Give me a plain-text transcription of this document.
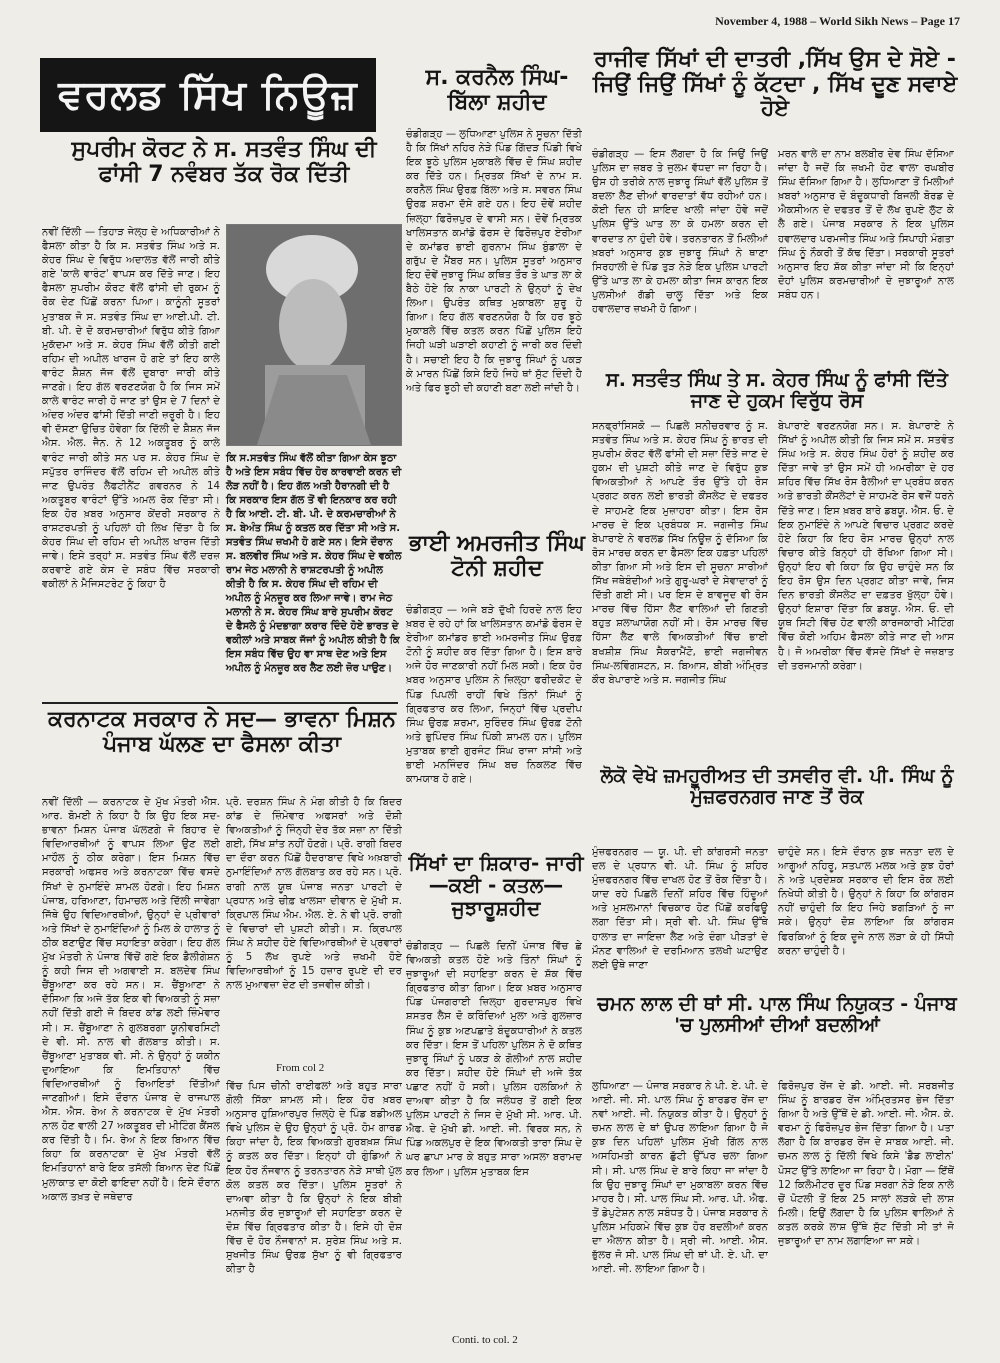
November 4, 1988 – World Sikh News – Page 17
ਵਰਲਡ ਸਿੱਖ ਨਿਊਜ਼
ਸੁਪਰੀਮ ਕੋਰਟ ਨੇ ਸ. ਸਤਵੰਤ ਸਿੰਘ ਦੀ ਫਾਂਸੀ 7 ਨਵੰਬਰ ਤੱਕ ਰੋਕ ਦਿੱਤੀ
ਨਵੀਂ ਦਿੱਲੀ — ਤਿਹਾੜ ਜੇਲ੍ਹ ਦੇ ਅਧਿਕਾਰੀਆਂ ਨੇ ਫੈਸਲਾ ਕੀਤਾ ਹੈ ਕਿ ਸ. ਸਤਵੰਤ ਸਿੰਘ ਅਤੇ ਸ. ਕੇਹਰ ਸਿੰਘ ਦੇ ਵਿਰੁੱਧ ਅਦਾਲਤ ਵੱਲੋਂ ਜਾਰੀ ਕੀਤੇ ਗਏ 'ਕਾਲੇ ਵਾਰੰਟ' ਵਾਪਸ ਕਰ ਦਿੱਤੇ ਜਾਣ। ਇਹ ਫੈਸਲਾ ਸੁਪਰੀਮ ਕੋਰਟ ਵੱਲੋਂ ਫਾਂਸੀ ਦੀ ਰੁਕਮ ਨੂੰ ਰੋਕ ਦੇਣ ਪਿੱਛੋਂ ਕਰਨਾ ਪਿਆ। ਕਾਨੂੰਨੀ ਸੂਤਰਾਂ ਮੁਤਾਬਕ ਜੋ ਸ. ਸਤਵੰਤ ਸਿੰਘ ਦਾ ਆਈ.ਪੀ. ਟੀ. ਬੀ. ਪੀ. ਦੇ ਦੋ ਕਰਮਚਾਰੀਆਂ ਵਿਰੁੱਧ ਕੀਤੇ ਗਿਆ ਮੁਕੱਦਮਾ ਅਤੇ ਸ. ਕੇਹਰ ਸਿੰਘ ਵੱਲੋਂ ਕੀਤੀ ਗਈ ਰਹਿਮ ਦੀ ਅਪੀਲ ਖਾਰਜ ਹੋ ਗਏ ਤਾਂ ਇਹ ਕਾਲੇ ਵਾਰੰਟ ਸ਼ੈਸ਼ਨ ਜੱਜ ਵੱਲੋਂ ਦੁਬਾਰਾ ਜਾਰੀ ਕੀਤੇ ਜਾਣਗੇ। ਇਹ ਗੱਲ ਵਰਣਣਯੋਗ ਹੈ ਕਿ ਜਿਸ ਸਮੇਂ ਕਾਲੇ ਵਾਰੰਟ ਜਾਰੀ ਹੋ ਜਾਣ ਤਾਂ ਉਸ ਦੇ 7 ਦਿਨਾਂ ਦੇ ਅੰਦਰ ਅੰਦਰ ਫਾਂਸੀ ਦਿੱਤੀ ਜਾਣੀ ਜ਼ਰੂਰੀ ਹੈ। ਇਹ ਵੀ ਦੱਸਣਾ ਉਚਿਤ ਹੋਵੇਗਾ ਕਿ ਦਿੱਲੀ ਦੇ ਸ਼ੈਸ਼ਨ ਜੱਜ ਐਸ. ਐਲ. ਜੈਨ. ਨੇ 12 ਅਕਤੂਬਰ ਨੂੰ ਕਾਲੇ ਵਾਰੰਟ ਜਾਰੀ ਕੀਤੇ ਸਨ ਪਰ ਸ. ਕੇਹਰ ਸਿੰਘ ਦੇ ਸਪੁੱਤਰ ਰਾਜਿੰਦਰ ਵੱਲੋਂ ਰਹਿਮ ਦੀ ਅਪੀਲ ਕੀਤੇ ਜਾਣ ਉਪਰੰਤ ਲੈਫਟੀਨੈਂਟ ਗਵਰਨਰ ਨੇ 14 ਅਕਤੂਬਰ ਵਾਰੰਟਾਂ ਉੱਤੇ ਅਮਲ ਰੋਕ ਦਿੱਤਾ ਸੀ। ਇਕ ਹੋਰ ਖ਼ਬਰ ਅਨੁਸਾਰ ਕੇਂਦਰੀ ਸਰਕਾਰ ਨੇ ਰਾਸ਼ਟਰਪਤੀ ਨੂੰ ਪਹਿਲਾਂ ਹੀ ਲਿਖ ਦਿੱਤਾ ਹੈ ਕਿ ਕੇਹਰ ਸਿੰਘ ਦੀ ਰਹਿਮ ਦੀ ਅਪੀਲ ਖਾਰਜ ਦਿੱਤੀ ਜਾਵੇ। ਇਸੇ ਤਰ੍ਹਾਂ ਸ. ਸਤਵੰਤ ਸਿੰਘ ਵੱਲੋਂ ਦਰਜ਼ ਕਰਵਾਏ ਗਏ ਕੇਸ ਦੇ ਸਬੰਧ ਵਿੱਚ ਸਰਕਾਰੀ ਵਕੀਲਾਂ ਨੇ ਮੈਜਿਸਟਰੇਟ ਨੂੰ ਕਿਹਾ ਹੈ
ਕਿ ਸ.ਸਤਵੰਤ ਸਿੰਘ ਵੱਲੋਂ ਕੀਤਾ ਗਿਆ ਕੇਸ ਝੂਠਾ ਹੈ ਅਤੇ ਇਸ ਸਬੰਧ ਵਿੱਚ ਹੋਰ ਕਾਰਵਾਈ ਕਰਨ ਦੀ ਲੋੜ ਨਹੀਂ ਹੈ। ਇਹ ਗੱਲ ਅਤੀ ਹੈਰਾਨਗੀ ਦੀ ਹੈ ਕਿ ਸਰਕਾਰ ਇਸ ਗੱਲ ਤੋਂ ਵੀ ਇਨਕਾਰ ਕਰ ਰਹੀ ਹੈ ਕਿ ਆਈ. ਟੀ. ਬੀ. ਪੀ. ਦੇ ਕਰਮਚਾਰੀਆਂ ਨੇ ਸ. ਬੇਅੰਤ ਸਿੰਘ ਨੂੰ ਕਤਲ ਕਰ ਦਿੱਤਾ ਸੀ ਅਤੇ ਸ. ਸਤਵੰਤ ਸਿੰਘ ਜ਼ਖਮੀ ਹੋ ਗਏ ਸਨ। ਇਸੇ ਦੌਰਾਨ ਸ. ਬਲਵੀਰ ਸਿੰਘ ਅਤੇ ਸ. ਕੇਹਰ ਸਿੰਘ ਦੇ ਵਕੀਲ ਰਾਮ ਜੇਠ ਮਲਾਨੀ ਨੇ ਰਾਸ਼ਟਰਪਤੀ ਨੂੰ ਅਪੀਲ ਕੀਤੀ ਹੈ ਕਿ ਸ. ਕੇਹਰ ਸਿੰਘ ਦੀ ਰਹਿਮ ਦੀ ਅਪੀਲ ਨੂੰ ਮੰਨਜ਼ੂਰ ਕਰ ਲਿਆ ਜਾਵੇ। ਰਾਮ ਜੇਠ ਮਲਾਨੀ ਨੇ ਸ. ਕੇਹਰ ਸਿੰਘ ਬਾਰੇ ਸੁਪਰੀਮ ਕੋਰਟ ਦੇ ਫੈਸਲੇ ਨੂੰ ਮੰਦਭਾਗਾ ਕਰਾਰ ਦਿੰਦੇ ਹੋਏ ਭਾਰਤ ਦੇ ਵਕੀਲਾਂ ਅਤੇ ਸਾਬਕ ਜੱਜਾਂ ਨੂੰ ਅਪੀਲ ਕੀਤੀ ਹੈ ਕਿ ਇਸ ਸਬੰਧ ਵਿੱਚ ਉਹ ਵਾ ਸਾਥ ਦੇਣ ਅਤੇ ਇਸ ਅਪੀਲ ਨੂੰ ਮੰਨਜ਼ੂਰ ਕਰ ਲੈਣ ਲਈ ਜ਼ੋਰ ਪਾਉਣ।
ਸ. ਕਰਨੈਲ ਸਿੰਘ- ਬਿੱਲਾ ਸ਼ਹੀਦ
ਚੰਡੀਗੜ੍ਹ — ਲੁਧਿਆਣਾ ਪੁਲਿਸ ਨੇ ਸੂਚਨਾ ਦਿੱਤੀ ਹੈ ਕਿ ਸਿੱਖਾਂ ਨਹਿਰ ਨੇੜੇ ਪਿੰਡ ਗਿੱਦੜ ਪਿੰਡੀ ਵਿਖੇ ਇਕ ਝੂਠੇ ਪੁਲਿਸ ਮੁਕਾਬਲੇ ਵਿੱਚ ਦੋ ਸਿੰਘ ਸ਼ਹੀਦ ਕਰ ਦਿੱਤੇ ਹਨ। ਮ੍ਰਿਤਕ ਸਿੱਖਾਂ ਦੇ ਨਾਮ ਸ. ਕਰਨੈਲ ਸਿੰਘ ਉਰਫ਼ ਬਿੱਲਾ ਅਤੇ ਸ. ਸਵਰਨ ਸਿੰਘ ਉਰਫ਼ ਸ਼ਰਮਾ ਦੱਸੇ ਗਏ ਹਨ। ਇਹ ਦੋਵੇਂ ਸ਼ਹੀਦ ਜ਼ਿਲ੍ਹਾ ਫਿਰੋਜ਼ਪੁਰ ਦੇ ਵਾਸੀ ਸਨ। ਦੋਵੇਂ ਮ੍ਰਿਤਕ ਖਾਲਿਸਤਾਨ ਕਮਾਂਡੋ ਫੋਰਸ ਦੇ ਫਿਰੋਜ਼ਪੁਰ ਏਰੀਆ ਦੇ ਕਮਾਂਡਰ ਭਾਈ ਗੁਰਨਾਮ ਸਿੰਘ ਬੁੰਡਾਲਾ ਦੇ ਗਰੁੱਪ ਦੇ ਮੈਂਬਰ ਸਨ। ਪੁਲਿਸ ਸੂਤਰਾਂ ਅਨੁਸਾਰ ਇਹ ਦੋਵੇਂ ਜੁਝਾਰੂ ਸਿੰਘ ਕਥਿਤ ਤੌਰ ਤੇ ਘਾਤ ਲਾ ਕੇ ਬੈਠੇ ਹੋਏ ਕਿ ਨਾਕਾ ਪਾਰਟੀ ਨੇ ਉਨ੍ਹਾਂ ਨੂੰ ਦੇਖ ਲਿਆ। ਉਪਰੰਤ ਕਥਿਤ ਮੁਕਾਬਲਾ ਸ਼ੁਰੂ ਹੋ ਗਿਆ। ਇਹ ਗੱਲ ਵਰਣਨਯੋਗ ਹੈ ਕਿ ਹਰ ਝੂਠੇ ਮੁਕਾਬਲੇ ਵਿੱਚ ਕਤਲ ਕਰਨ ਪਿੱਛੋਂ ਪੁਲਿਸ ਇਹੋ ਜਿਹੀ ਘੜੀ ਘੜਾਈ ਕਹਾਣੀ ਨੂੰ ਜਾਰੀ ਕਰ ਦਿੰਦੀ ਹੈ। ਸਚਾਈ ਇਹ ਹੈ ਕਿ ਜੁਝਾਰੂ ਸਿੰਘਾਂ ਨੂੰ ਪਕੜ ਕੇ ਮਾਰਨ ਪਿੱਛੋਂ ਕਿਸੇ ਇਹੋ ਜਿਹੇ ਥਾਂ ਸੁੱਟ ਦਿੰਦੀ ਹੈ ਅਤੇ ਫਿਰ ਝੂਠੀ ਦੀ ਕਹਾਣੀ ਬਣਾ ਲਈ ਜਾਂਦੀ ਹੈ।
ਰਾਜੀਵ ਸਿੱਖਾਂ ਦੀ ਦਾਤਰੀ ,ਸਿੱਖ ਉਸ ਦੇ ਸੋਏ - ਜਿਉਂ ਜਿਉਂ ਸਿੱਖਾਂ ਨੂੰ ਕੱਟਦਾ , ਸਿੱਖ ਦੂਣ ਸਵਾਏ ਹੋਏ
ਚੰਡੀਗੜ੍ਹ — ਇਸ ਲੱਗਦਾ ਹੈ ਕਿ ਜਿਉਂ ਜਿਉਂ ਪੁਲਿਸ ਦਾ ਜ਼ਬਰ ਤੇ ਜੁਲਮ ਵੱਧਦਾ ਜਾ ਰਿਹਾ ਹੈ। ਉਸ ਹੀ ਤਰੀਕੇ ਨਾਲ ਜੁਝਾਰੂ ਸਿੰਘਾਂ ਵੱਲੋਂ ਪੁਲਿਸ ਤੋਂ ਬਦਲਾ ਲੈਣ ਦੀਆਂ ਵਾਰਦਾਤਾਂ ਵੱਧ ਰਹੀਆਂ ਹਨ। ਕੋਈ ਦਿਨ ਹੀ ਸ਼ਾਇਦ ਖਾਲੀ ਜਾਂਦਾ ਹੋਵੇ ਜਦੋਂ ਪੁਲਿਸ ਉੱਤੇ ਘਾਤ ਲਾ ਕੇ ਹਮਲਾ ਕਰਨ ਦੀ ਵਾਰਦਾਤ ਨਾ ਹੁੰਦੀ ਹੋਵੇ। ਤਰਨਤਾਰਨ ਤੋਂ ਮਿਲੀਆਂ ਖ਼ਬਰਾਂ ਅਨੁਸਾਰ ਕੁਝ ਜੁਝਾਰੂ ਸਿੰਘਾਂ ਨੇ ਥਾਣਾ ਸਿਰਹਾਲੀ ਦੇ ਪਿੰਡ ਤੁੜ ਨੇੜੇ ਇਕ ਪੁਲਿਸ ਪਾਰਟੀ ਉੱਤੇ ਘਾਤ ਲਾ ਕੇ ਹਮਲਾ ਕੀਤਾ ਜਿਸ ਕਾਰਨ ਇਕ ਪੁਲਸੀਆਂ ਗੱਡੀ ਚਾਲੂ ਦਿੱਤਾ ਅਤੇ ਇਕ ਹਵਾਲਦਾਰ ਜ਼ਖਮੀ ਹੋ ਗਿਆ।
ਮਰਨ ਵਾਲੇ ਦਾ ਨਾਮ ਬਲਬੀਰ ਦੇਵ ਸਿੰਘ ਦੱਸਿਆ ਜਾਂਦਾ ਹੈ ਜਦੋਂ ਕਿ ਜ਼ਖਮੀ ਹੋਣ ਵਾਲਾ ਰਘਬੀਰ ਸਿੰਘ ਦੱਸਿਆ ਗਿਆ ਹੈ। ਲੁਧਿਆਣਾ ਤੋਂ ਮਿਲੀਆਂ ਖ਼ਬਰਾਂ ਅਨੁਸਾਰ ਦੋ ਬੰਦੂਕਧਾਰੀ ਬਿਜਲੀ ਬੋਰਡ ਦੇ ਐਕਸੀਅਨ ਦੇ ਦਫਤਰ ਤੋਂ ਦੋ ਲੱਖ ਰੁਪਏ ਲੁੱਟ ਕੇ ਲੈ ਗਏ। ਪੰਜਾਬ ਸਰਕਾਰ ਨੇ ਇਕ ਪੁਲਿਸ ਹਵਾਲਦਾਰ ਪਰਮਜੀਤ ਸਿੰਘ ਅਤੇ ਸਿਪਾਹੀ ਮੰਗਤਾ ਸਿੰਘ ਨੂੰ ਨੌਕਰੀ ਤੋਂ ਕੱਢ ਦਿੱਤਾ। ਸਰਕਾਰੀ ਸੂਤਰਾਂ ਅਨੁਸਾਰ ਇਹ ਸ਼ੱਕ ਕੀਤਾ ਜਾਂਦਾ ਸੀ ਕਿ ਇਨ੍ਹਾਂ ਦੋਹਾਂ ਪੁਲਿਸ ਕਰਮਚਾਰੀਆਂ ਦੇ ਜੁਝਾਰੂਆਂ ਨਾਲ ਸਬੰਧ ਹਨ।
ਸ. ਸਤਵੰਤ ਸਿੰਘ ਤੇ ਸ. ਕੇਹਰ ਸਿੰਘ ਨੂੰ ਫਾਂਸੀ ਦਿੱਤੇ ਜਾਣ ਦੇ ਹੁਕਮ ਵਿਰੁੱਧ ਰੋਸ
ਸਨਫ੍ਰਾਂਸਿਸਕੋ — ਪਿਛਲੇ ਸਨੀਚਰਵਾਰ ਨੂੰ ਸ. ਸਤਵੰਤ ਸਿੰਘ ਅਤੇ ਸ. ਕੇਹਰ ਸਿੰਘ ਨੂੰ ਭਾਰਤ ਦੀ ਸੁਪਰੀਮ ਕੋਰਟ ਵੱਲੋਂ ਫਾਂਸੀ ਦੀ ਸਜ਼ਾ ਦਿੱਤੇ ਜਾਣ ਦੇ ਹੁਕਮ ਦੀ ਪੁਸ਼ਟੀ ਕੀਤੇ ਜਾਣ ਦੇ ਵਿਰੁੱਧ ਕੁਝ ਵਿਅਕਤੀਆਂ ਨੇ ਆਪਣੇ ਤੌਰ ਉੱਤੇ ਹੀ ਰੋਸ ਪ੍ਰਗਟ ਕਰਨ ਲਈ ਭਾਰਤੀ ਕੌਂਸਲੇਟ ਦੇ ਦਫਤਰ ਦੇ ਸਾਹਮਣੇ ਇਕ ਮੁਜ਼ਾਹਰਾ ਕੀਤਾ। ਇਸ ਰੋਸ ਮਾਰਚ ਦੇ ਇਕ ਪ੍ਰਬੰਧਕ ਸ. ਜਗਜੀਤ ਸਿੰਘ ਬੇਪਾਰਾਏ ਨੇ ਵਰਲਡ ਸਿੱਖ ਨਿਊਜ਼ ਨੂੰ ਦੱਸਿਆ ਕਿ ਰੋਸ ਮਾਰਚ ਕਰਨ ਦਾ ਫੈਸਲਾ ਇਕ ਹਫ਼ਤਾ ਪਹਿਲਾਂ ਕੀਤਾ ਗਿਆ ਸੀ ਅਤੇ ਇਸ ਦੀ ਸੂਚਨਾ ਸਾਰੀਆਂ ਸਿੱਖ ਜਥੇਬੰਦੀਆਂ ਅਤੇ ਗੁਰੂ-ਘਰਾਂ ਦੇ ਸੇਵਾਦਾਰਾਂ ਨੂੰ ਦਿੱਤੀ ਗਈ ਸੀ। ਪਰ ਇਸ ਦੇ ਬਾਵਜੂਦ ਵੀ ਰੋਸ ਮਾਰਚ ਵਿੱਚ ਹਿੱਸਾ ਲੈਣ ਵਾਲਿਆਂ ਦੀ ਗਿਣਤੀ ਬਹੁਤ ਸ਼ਲਾਘਾਯੋਗ ਨਹੀਂ ਸੀ। ਰੋਸ ਮਾਰਚ ਵਿੱਚ ਹਿੱਸਾ ਲੈਣ ਵਾਲੇ ਵਿਅਕਤੀਆਂ ਵਿੱਚ ਭਾਈ ਬਖਸ਼ੀਸ਼ ਸਿੰਘ ਸੈਕਰਾਮੈਂਟੋ, ਭਾਈ ਜਗਜੀਵਨ ਸਿੰਘ-ਲਵਿੰਗਸਟਨ, ਸ. ਬਿਆਸ, ਬੀਬੀ ਅੰਮ੍ਰਿਤ ਕੌਰ ਬੇਪਾਰਾਏ ਅਤੇ ਸ. ਜਗਜੀਤ ਸਿੰਘ
ਬੇਪਾਰਾਏ ਵਰਣਨਯੋਗ ਸਨ। ਸ. ਬੇਪਾਰਾਏ ਨੇ ਸਿੱਖਾਂ ਨੂੰ ਅਪੀਲ ਕੀਤੀ ਕਿ ਜਿਸ ਸਮੇਂ ਸ. ਸਤਵੰਤ ਸਿੰਘ ਅਤੇ ਸ. ਕੇਹਰ ਸਿੰਘ ਹੋਰਾਂ ਨੂੰ ਸ਼ਹੀਦ ਕਰ ਦਿੱਤਾ ਜਾਵੇ ਤਾਂ ਉਸ ਸਮੇਂ ਹੀ ਅਮਰੀਕਾ ਦੇ ਹਰ ਸ਼ਹਿਰ ਵਿੱਚ ਸਿੱਖ ਰੋਸ ਰੈਲੀਆਂ ਦਾ ਪ੍ਰਬੰਧ ਕਰਨ ਅਤੇ ਭਾਰਤੀ ਕੌਂਸਲੇਟਾਂ ਦੇ ਸਾਹਮਣੇ ਰੋਸ ਵਜੋਂ ਧਰਨੇ ਦਿੱਤੇ ਜਾਣ। ਇਸ ਖ਼ਬਰ ਬਾਰੇ ਡਬਯੂ. ਐਸ. ਓ. ਦੇ ਇਕ ਨੁਮਾਇੰਦੇ ਨੇ ਆਪਣੇ ਵਿਚਾਰ ਪ੍ਰਗਟ ਕਰਦੇ ਹੋਏ ਕਿਹਾ ਕਿ ਇਹ ਰੋਸ ਮਾਰਚ ਉਨ੍ਹਾਂ ਨਾਲ ਵਿਚਾਰ ਕੀਤੇ ਬਿਨ੍ਹਾਂ ਹੀ ਰੱਖਿਆ ਗਿਆ ਸੀ। ਉਨ੍ਹਾਂ ਇਹ ਵੀ ਕਿਹਾ ਕਿ ਉਹ ਚਾਹੁੰਦੇ ਸਨ ਕਿ ਇਹ ਰੋਸ ਉਸ ਦਿਨ ਪ੍ਰਗਟ ਕੀਤਾ ਜਾਵੇ, ਜਿਸ ਦਿਨ ਭਾਰਤੀ ਕੌਂਸਲੇਟ ਦਾ ਦਫ਼ਤਰ ਖੁੱਲ੍ਹਾ ਹੋਵੇ। ਉਨ੍ਹਾਂ ਇਸ਼ਾਰਾ ਦਿੱਤਾ ਕਿ ਡਬਯੂ. ਐਸ. ਓ. ਦੀ ਯੂਥ ਸਿਟੀ ਵਿੱਚ ਹੋਣ ਵਾਲੀ ਕਾਰਜਕਾਰੀ ਮੀਟਿੰਗ ਵਿੱਚ ਕੋਈ ਅਹਿਮ ਫੈਸਲਾ ਕੀਤੇ ਜਾਣ ਦੀ ਆਸ ਹੈ। ਜੋ ਅਮਰੀਕਾ ਵਿੱਚ ਵੱਸਦੇ ਸਿੱਖਾਂ ਦੇ ਜਜ਼ਬਾਤ ਦੀ ਤਰਜਮਾਨੀ ਕਰੇਗਾ।
ਭਾਈ ਅਮਰਜੀਤ ਸਿੰਘ ਟੋਨੀ ਸ਼ਹੀਦ
ਚੰਡੀਗੜ੍ਹ — ਅਜੇ ਬੜੇ ਦੁੱਖੀ ਹਿਰਦੇ ਨਾਲ ਇਹ ਖ਼ਬਰ ਦੇ ਰਹੇ ਹਾਂ ਕਿ ਖਾਲਿਸਤਾਨ ਕਮਾਂਡੋ ਫੋਰਸ ਦੇ ਏਰੀਆ ਕਮਾਂਡਰ ਭਾਈ ਅਮਰਜੀਤ ਸਿੰਘ ਉਰਫ਼ ਟੋਨੀ ਨੂੰ ਸ਼ਹੀਦ ਕਰ ਦਿੱਤਾ ਗਿਆ ਹੈ। ਇਸ ਬਾਰੇ ਅਜੇ ਹੋਰ ਜਾਣਕਾਰੀ ਨਹੀਂ ਮਿਲ ਸਕੀ। ਇਕ ਹੋਰ ਖ਼ਬਰ ਅਨੁਸਾਰ ਪੁਲਿਸ ਨੇ ਜ਼ਿਲ੍ਹਾ ਫਰੀਦਕੋਟ ਦੇ ਪਿੰਡ ਪਿਪਲੀ ਰਾਹੀਂ ਵਿਖੇ ਤਿੰਨਾਂ ਸਿੰਘਾਂ ਨੂੰ ਗ੍ਰਿਫਤਾਰ ਕਰ ਲਿਆ, ਜਿਨ੍ਹਾਂ ਵਿੱਚ ਪ੍ਰਦੀਪ ਸਿੰਘ ਉਰਫ਼ ਸ਼ਰਮਾ, ਸੁਰਿੰਦਰ ਸਿੰਘ ਉਰਫ਼ ਟੋਨੀ ਅਤੇ ਭੁਪਿੰਦਰ ਸਿੰਘ ਪਿੰਕੀ ਸ਼ਾਮਲ ਹਨ। ਪੁਲਿਸ ਮੁਤਾਬਕ ਭਾਈ ਗੁਰਜੰਟ ਸਿੰਘ ਰਾਜਾ ਸਾਂਸੀ ਅਤੇ ਭਾਈ ਮਨਜਿੰਦਰ ਸਿੰਘ ਬਚ ਨਿਕਲਣ ਵਿੱਚ ਕਾਮਯਾਬ ਹੋ ਗਏ।
ਕਰਨਾਟਕ ਸਰਕਾਰ ਨੇ ਸਦ— ਭਾਵਨਾ ਮਿਸ਼ਨ ਪੰਜਾਬ ਘੱਲਣ ਦਾ ਫੈਸਲਾ ਕੀਤਾ
ਨਵੀਂ ਦਿੱਲੀ — ਕਰਨਾਟਕ ਦੇ ਮੁੱਖ ਮੰਤਰੀ ਐਸ. ਆਰ. ਬੋਮਈ ਨੇ ਕਿਹਾ ਹੈ ਕਿ ਉਹ ਇਕ ਸਦ-ਭਾਵਨਾ ਮਿਸ਼ਨ ਪੰਜਾਬ ਘੱਲਣਗੇ ਜੋ ਬਿਹਾਰ ਦੇ ਵਿਦਿਆਰਥੀਆਂ ਨੂੰ ਵਾਪਸ ਲਿਆ ਉਣ ਲਈ ਮਾਹੌਲ ਨੂੰ ਠੀਕ ਕਰੇਗਾ। ਇਸ ਮਿਸ਼ਨ ਵਿੱਚ ਸਰਕਾਰੀ ਅਫਸਰ ਅਤੇ ਕਰਨਾਟਕਾ ਵਿੱਚ ਵਸਦੇ ਸਿੱਖਾਂ ਦੇ ਨੁਮਾਇੰਦੇ ਸ਼ਾਮਲ ਹੋਣਗੇ। ਇਹ ਮਿਸ਼ਨ ਪੰਜਾਬ, ਹਰਿਆਣਾ, ਹਿਮਾਚਲ ਅਤੇ ਦਿੱਲੀ ਜਾਵੇਗਾ ਜਿੱਥੇ ਉਹ ਵਿਦਿਆਰਥੀਆਂ, ਉਨ੍ਹਾਂ ਦੇ ਪ੍ਰੀਵਾਰਾਂ ਅਤੇ ਸਿੱਖਾਂ ਦੇ ਨੁਮਾਇੰਦਿਆਂ ਨੂੰ ਮਿਲ ਕੇ ਹਾਲਾਤ ਨੂੰ ਠੀਕ ਬਣਾਉਣ ਵਿੱਚ ਸਹਾਇਤਾ ਕਰੇਗਾ। ਇਹ ਗੱਲ ਮੁੱਖ ਮੰਤਰੀ ਨੇ ਪੰਜਾਬ ਵਿੱਚੋਂ ਗਏ ਇਕ ਡੈਲੀਗੇਸ਼ਨ ਨੂੰ ਕਹੀ ਜਿਸ ਦੀ ਅਗਵਾਈ ਸ. ਬਲਦੇਵ ਸਿੰਘ ਚੈਂਬੂਆਣਾ ਕਰ ਰਹੇ ਸਨ। ਸ. ਚੈਂਬੂਆਣਾ ਨੇ ਦੱਸਿਆ ਕਿ ਅਜੇ ਤੱਕ ਇਕ ਵੀ ਵਿਅਕਤੀ ਨੂੰ ਸਜ਼ਾ ਨਹੀਂ ਦਿੱਤੀ ਗਈ ਜੋ ਬਿਦਰ ਕਾਂਡ ਲਈ ਜ਼ਿੰਮੇਵਾਰ ਸੀ। ਸ. ਚੈਂਬੂਆਣਾ ਨੇ ਗੁਲਬਰਗਾ ਯੂਨੀਵਰਸਿਟੀ ਦੇ ਵੀ. ਸੀ. ਨਾਲ ਵੀ ਗੱਲਬਾਤ ਕੀਤੀ। ਸ. ਚੈਂਬੂਆਣਾ ਮੁਤਾਬਕ ਵੀ. ਸੀ. ਨੇ ਉਨ੍ਹਾਂ ਨੂੰ ਯਕੀਨ ਦੁਆਇਆ ਕਿ ਇਮਤਿਹਾਨਾਂ ਵਿੱਚ ਵਿਦਿਆਰਥੀਆਂ ਨੂੰ ਰਿਆਇਤਾਂ ਦਿੱਤੀਆਂ ਜਾਣਗੀਆਂ। ਇਸੇ ਦੌਰਾਨ ਪੰਜਾਬ ਦੇ ਰਾਜਪਾਲ ਐਸ. ਐਸ. ਰੇਅ ਨੇ ਕਰਨਾਟਕ ਦੇ ਮੁੱਖ ਮੰਤਰੀ ਨਾਲ ਹੋਣ ਵਾਲੀ 27 ਅਕਤੂਬਰ ਦੀ ਮੀਟਿੰਗ ਕੈਂਸਲ ਕਰ ਦਿੱਤੀ ਹੈ। ਮਿ. ਰੇਅ ਨੇ ਇਕ ਬਿਆਨ ਵਿੱਚ ਕਿਹਾ ਕਿ ਕਰਨਾਟਕਾ ਦੇ ਮੁੱਖ ਮੰਤਰੀ ਵੱਲੋਂ ਇਮਤਿਹਾਨਾਂ ਬਾਰੇ ਇਕ ਤਸੱਲੀ ਬਿਆਨ ਦੇਣ ਪਿੱਛੋਂ ਮੁਲਾਕਾਤ ਦਾ ਕੋਈ ਫਾਇਦਾ ਨਹੀਂ ਹੈ। ਇਸੇ ਦੌਰਾਨ ਅਕਾਲ ਤਖ਼ਤ ਦੇ ਜਥੇਦਾਰ
ਪ੍ਰੋ. ਦਰਸ਼ਨ ਸਿੰਘ ਨੇ ਮੰਗ ਕੀਤੀ ਹੈ ਕਿ ਬਿਦਰ ਕਾਂਡ ਦੇ ਜ਼ਿੰਮੇਵਾਰ ਅਫਸਰਾਂ ਅਤੇ ਦੋਸ਼ੀ ਵਿਅਕਤੀਆਂ ਨੂੰ ਜਿੰਨ੍ਹੀ ਦੇਰ ਤੱਕ ਸਜ਼ਾ ਨਾ ਦਿੱਤੀ ਗਈ, ਸਿੱਖ ਸ਼ਾਂਤ ਨਹੀਂ ਹੋਣਗੇ। ਪ੍ਰੋ. ਰਾਗੀ ਬਿਦਰ ਦਾ ਦੌਰਾ ਕਰਨ ਪਿੱਛੋਂ ਹੈਦਰਾਬਾਦ ਵਿਖੇ ਅਖ਼ਬਾਰੀ ਨੁਮਾਇੰਦਿਆਂ ਨਾਲ ਗੱਲਬਾਤ ਕਰ ਰਹੇ ਸਨ। ਪ੍ਰੋ. ਰਾਗੀ ਨਾਲ ਯੂਥ ਪੰਜਾਬ ਜਨਤਾ ਪਾਰਟੀ ਦੇ ਪ੍ਰਧਾਨ ਅਤੇ ਚੀਫ਼ ਖਾਲਸਾ ਦੀਵਾਨ ਦੇ ਮੁੱਖੀ ਸ. ਕ੍ਰਿਪਾਲ ਸਿੰਘ ਐਮ. ਐਲ. ਏ. ਨੇ ਵੀ ਪ੍ਰੋ. ਰਾਗੀ ਦੇ ਵਿਚਾਰਾਂ ਦੀ ਪੁਸ਼ਟੀ ਕੀਤੀ। ਸ. ਕ੍ਰਿਪਾਲ ਸਿੰਘ ਨੇ ਸ਼ਹੀਦ ਹੋਏ ਵਿਦਿਆਰਥੀਆਂ ਦੇ ਪ੍ਰਵਾਰਾਂ ਨੂੰ 5 ਲੱਖ ਰੁਪਏ ਅਤੇ ਜ਼ਖਮੀ ਹੋਏ ਵਿਦਿਆਰਥੀਆਂ ਨੂੰ 15 ਹਜ਼ਾਰ ਰੁਪਏ ਦੀ ਦਰ ਨਾਲ ਮੁਆਵਜ਼ਾ ਦੇਣ ਦੀ ਤਜਵੀਜ਼ ਕੀਤੀ।
From col 2
ਵਿੱਚ ਪਿਸ ਚੀਨੀ ਰਾਈਫਲਾਂ ਅਤੇ ਬਹੁਤ ਸਾਰਾ ਗੋਲੀ ਸਿੱਕਾ ਸ਼ਾਮਲ ਸੀ। ਇਕ ਹੋਰ ਖ਼ਬਰ ਅਨੁਸਾਰ ਹੁਸ਼ਿਆਰਪੁਰ ਜ਼ਿਲ੍ਹੇ ਦੇ ਪਿੰਡ ਬਡੀਅਲ ਵਿਖੇ ਪੁਲਿਸ ਦੇ ਉਹ ਉਨ੍ਹਾਂ ਨੂੰ ਪ੍ਰੋ. ਹੋਮ ਗਾਰਡ ਕਿਹਾ ਜਾਂਦਾ ਹੈ, ਇਕ ਵਿਅਕਤੀ ਗੁਰਬਖ਼ਸ਼ ਸਿੰਘ ਨੂੰ ਕਤਲ ਕਰ ਦਿੱਤਾ। ਇਨ੍ਹਾਂ ਹੀ ਗੁੰਡਿਆਂ ਨੇ ਇਕ ਹੋਰ ਨੌਜਵਾਨ ਨੂੰ ਤਰਨਤਾਰਨ ਨੇੜੇ ਸਾਥੀ ਪੁੱਲ ਕੋਲ ਕਤਲ ਕਰ ਦਿੱਤਾ। ਪੁਲਿਸ ਸੂਤਰਾਂ ਨੇ ਦਾਅਵਾ ਕੀਤਾ ਹੈ ਕਿ ਉਨ੍ਹਾਂ ਨੇ ਇਕ ਬੀਬੀ ਮਨਜੀਤ ਕੌਰ ਜੁਝਾਰੂਆਂ ਦੀ ਸਹਾਇਤਾ ਕਰਨ ਦੇ ਦੋਸ਼ ਵਿੱਚ ਗ੍ਰਿਫਤਾਰ ਕੀਤਾ ਹੈ। ਇਸੇ ਹੀ ਦੋਸ਼ ਵਿੱਚ ਦੋ ਹੋਰ ਨੌਜਵਾਨਾਂ ਸ. ਸੁਰੇਸ਼ ਸਿੰਘ ਅਤੇ ਸ. ਸੁਖਜੀਤ ਸਿੰਘ ਉਰਫ਼ ਸੁੱਖਾ ਨੂੰ ਵੀ ਗ੍ਰਿਫਤਾਰ ਕੀਤਾ ਹੈ
ਸਿੱਖਾਂ ਦਾ ਸ਼ਿਕਾਰ- ਜਾਰੀ —ਕਈ - ਕਤਲ—ਜੁਝਾਰੂਸ਼ਹੀਦ
ਚੰਡੀਗੜ੍ਹ — ਪਿਛਲੇ ਦਿਨੀਂ ਪੰਜਾਬ ਵਿੱਚ ਛੇ ਵਿਅਕਤੀ ਕਤਲ ਹੋਏ ਅਤੇ ਤਿੰਨਾਂ ਸਿੰਘਾਂ ਨੂੰ ਜੁਝਾਰੂਆਂ ਦੀ ਸਹਾਇਤਾ ਕਰਨ ਦੇ ਸ਼ੱਕ ਵਿੱਚ ਗ੍ਰਿਫਤਾਰ ਕੀਤਾ ਗਿਆ। ਇਕ ਖ਼ਬਰ ਅਨੁਸਾਰ ਪਿੰਡ ਪੰਜਗਰਾਈ ਜ਼ਿਲ੍ਹਾ ਗੁਰਦਾਸਪੁਰ ਵਿਖੇ ਸ਼ਸਤਰ ਲੈਸ ਦੋ ਕਰਿੰਦਿਆਂ ਮੁਲਾ ਅਤੇ ਗੁਲਜ਼ਾਰ ਸਿੰਘ ਨੂੰ ਕੁਝ ਅਣਪਛਾਤੇ ਬੰਦੂਕਧਾਰੀਆਂ ਨੇ ਕਤਲ ਕਰ ਦਿੱਤਾ। ਇਸ ਤੋਂ ਪਹਿਲਾ ਪੁਲਿਸ ਨੇ ਦੋ ਕਥਿਤ ਜੁਝਾਰੂ ਸਿੰਘਾਂ ਨੂੰ ਪਕੜ ਕੇ ਗੋਲੀਆਂ ਨਾਲ ਸ਼ਹੀਦ ਕਰ ਦਿੱਤਾ। ਸ਼ਹੀਦ ਹੋਏ ਸਿੰਘਾਂ ਦੀ ਅਜੇ ਤੱਕ ਪਛਾਣ ਨਹੀਂ ਹੋ ਸਕੀ। ਪੁਲਿਸ ਹਲਕਿਆਂ ਨੇ ਦਾਅਵਾ ਕੀਤਾ ਹੈ ਕਿ ਜਲੰਧਰ ਤੋਂ ਗਈ ਇਕ ਪੁਲਿਸ ਪਾਰਟੀ ਨੇ ਜਿਸ ਦੇ ਮੁੱਖੀ ਸੀ. ਆਰ. ਪੀ. ਐਫ. ਦੇ ਮੁੱਖੀ ਡੀ. ਆਈ. ਜੀ. ਵਿਰਕ ਸਨ, ਨੇ ਪਿੰਡ ਅਕਲਪੁਰ ਦੇ ਇਕ ਵਿਅਕਤੀ ਤਾਰਾ ਸਿੰਘ ਦੇ ਘਰ ਛਾਪਾ ਮਾਰ ਕੇ ਬਹੁਤ ਸਾਰਾ ਅਸਲਾ ਬਰਾਮਦ ਕਰ ਲਿਆ। ਪੁਲਿਸ ਮੁਤਾਬਕ ਇਸ
Conti. to col. 2
ਲੋਕੋ ਵੇਖੋ ਜ਼ਮਹੂਰੀਅਤ ਦੀ ਤਸਵੀਰ ਵੀ. ਪੀ. ਸਿੰਘ ਨੂੰ ਮੁੰਜ਼ਫਰਨਗਰ ਜਾਣ ਤੋਂ ਰੋਕ
ਮੁੰਜ਼ਫਰਨਗਰ — ਯੂ. ਪੀ. ਦੀ ਕਾਂਗਰਸੀ ਜਨਤਾ ਦਲ ਦੇ ਪ੍ਰਧਾਨ ਵੀ. ਪੀ. ਸਿੰਘ ਨੂੰ ਸ਼ਹਿਰ ਮੁੰਜ਼ਫਰਨਗਰ ਵਿੱਚ ਦਾਖਲ ਹੋਣ ਤੋਂ ਰੋਕ ਦਿੱਤਾ ਹੈ। ਯਾਦ ਰਹੇ ਪਿਛਲੇ ਦਿਨੀਂ ਸ਼ਹਿਰ ਵਿੱਚ ਹਿੰਦੂਆਂ ਅਤੇ ਮੁਸਲਮਾਨਾਂ ਵਿਚਕਾਰ ਹੋਣ ਪਿੱਛੋਂ ਕਰਫਿਊ ਲਗਾ ਦਿੱਤਾ ਸੀ। ਸ੍ਰੀ ਵੀ. ਪੀ. ਸਿੰਘ ਉੱਥੇ ਹਾਲਾਤ ਦਾ ਜਾਇਜ਼ਾ ਲੈਣ ਅਤੇ ਦੰਗਾ ਪੀੜਤਾਂ ਦੇ ਮੌਨਣ ਵਾਲਿਆਂ ਦੇ ਦਰਮਿਆਨ ਤਲਖੀ ਘਟਾਉਣ ਲਈ ਉਥੇ ਜਾਣਾ
ਚਾਹੁੰਦੇ ਸਨ। ਇਸੇ ਦੌਰਾਨ ਕੁਝ ਜਨਤਾ ਦਲ ਦੇ ਆਗੂਆਂ ਨਹਿਰੂ, ਸਤਪਾਲ ਮਲਕ ਅਤੇ ਕੁਝ ਹੋਰਾਂ ਨੇ ਅਤੇ ਪ੍ਰਦੇਸ਼ਕ ਸਰਕਾਰ ਦੀ ਇਸ ਰੋਕ ਲਈ ਨਿਖੇਧੀ ਕੀਤੀ ਹੈ। ਉਨ੍ਹਾਂ ਨੇ ਕਿਹਾ ਕਿ ਕਾਂਗਰਸ ਨਹੀਂ ਚਾਹੁੰਦੀ ਕਿ ਇਹ ਜਿਹੇ ਝਗੜਿਆਂ ਨੂੰ ਜਾ ਸਕੇ। ਉਨ੍ਹਾਂ ਦੋਸ਼ ਲਾਇਆ ਕਿ ਕਾਂਗਰਸ ਫਿਰਕਿਆਂ ਨੂੰ ਇਕ ਦੂਜੇ ਨਾਲ ਲੜਾ ਕੇ ਹੀ ਸਿੱਧੀ ਕਰਨਾ ਚਾਹੁੰਦੀ ਹੈ।
ਚਮਨ ਲਾਲ ਦੀ ਥਾਂ ਸੀ. ਪਾਲ ਸਿੰਘ ਨਿਯੁਕਤ - ਪੰਜਾਬ 'ਚ ਪੁਲਸੀਆਂ ਦੀਆਂ ਬਦਲੀਆਂ
ਲੁਧਿਆਣਾ — ਪੰਜਾਬ ਸਰਕਾਰ ਨੇ ਪੀ. ਏ. ਪੀ. ਦੇ ਆਈ. ਜੀ. ਸੀ. ਪਾਲ ਸਿੰਘ ਨੂੰ ਬਾਰਡਰ ਰੇਂਜ ਦਾ ਨਵਾਂ ਆਈ. ਜੀ. ਨਿਯੁਕਤ ਕੀਤਾ ਹੈ। ਉਨ੍ਹਾਂ ਨੂੰ ਚਮਨ ਲਾਲ ਦੇ ਥਾਂ ਉਪਰ ਲਾਇਆ ਗਿਆ ਹੈ ਜੋ ਕੁਝ ਦਿਨ ਪਹਿਲਾਂ ਪੁਲਿਸ ਮੁੱਖੀ ਗਿੱਲ ਨਾਲ ਅਸਹਿਮਤੀ ਕਾਰਨ ਛੁੱਟੀ ਉੱਪਰ ਚਲਾ ਗਿਆ ਸੀ। ਸੀ. ਪਾਲ ਸਿੰਘ ਦੇ ਬਾਰੇ ਕਿਹਾ ਜਾ ਜਾਂਦਾ ਹੈ ਕਿ ਉਹ ਜੁਝਾਰੂ ਸਿੰਘਾਂ ਦਾ ਮੁਕਾਬਲਾ ਕਰਨ ਵਿੱਚ ਮਾਹਰ ਹੈ। ਸੀ. ਪਾਲ ਸਿੰਘ ਸੀ. ਆਰ. ਪੀ. ਐਫ. ਤੋਂ ਡੇਪੁਟੇਸ਼ਨ ਨਾਲ ਸਬੰਧਤ ਹੈ। ਪੰਜਾਬ ਸਰਕਾਰ ਨੇ ਪੁਲਿਸ ਮਹਿਕਮੇ ਵਿੱਚ ਕੁਝ ਹੋਰ ਬਦਲੀਆਂ ਕਰਨ ਦਾ ਐਲਾਨ ਕੀਤਾ ਹੈ। ਸ੍ਰੀ ਜੀ. ਆਈ. ਐਸ. ਭੁੱਲਰ ਜੋ ਸੀ. ਪਾਲ ਸਿੰਘ ਦੀ ਥਾਂ ਪੀ. ਏ. ਪੀ. ਦਾ ਆਈ. ਜੀ. ਲਾਇਆ ਗਿਆ ਹੈ।
ਫਿਰੋਜ਼ਪੁਰ ਰੇਂਜ ਦੇ ਡੀ. ਆਈ. ਜੀ. ਸਰਬਜੀਤ ਸਿੰਘ ਨੂੰ ਬਾਰਡਰ ਰੇਂਜ ਅੰਮ੍ਰਿਤਸਰ ਭੇਜ ਦਿੱਤਾ ਗਿਆ ਹੈ ਅਤੇ ਉੱਥੋਂ ਦੇ ਡੀ. ਆਈ. ਜੀ. ਐਸ. ਕੇ. ਵਰਮਾ ਨੂੰ ਫਿਰੋਜ਼ਪੁਰ ਭੇਜ ਦਿੱਤਾ ਗਿਆ ਹੈ। ਪਤਾ ਲੱਗਾ ਹੈ ਕਿ ਬਾਰਡਰ ਰੇਂਜ ਦੇ ਸਾਬਕ ਆਈ. ਜੀ. ਚਮਨ ਲਾਲ ਨੂੰ ਦਿੱਲੀ ਵਿਖੇ ਕਿਸੇ 'ਡੈਡ ਲਾਈਨ' ਪੋਸਟ ਉੱਤੇ ਲਾਇਆ ਜਾ ਰਿਹਾ ਹੈ। ਮੋਗਾ — ਇੱਥੋਂ 12 ਕਿਲੋਮੀਟਰ ਦੂਰ ਪਿੰਡ ਸਰਗਾ ਨੇੜੇ ਇਕ ਨਾਲੇ ਚੋਂ ਪੋਟਲੀ ਤੋਂ ਇਕ 25 ਸਾਲਾਂ ਲੜਕੇ ਦੀ ਲਾਸ਼ ਮਿਲੀ। ਇਉਂ ਲੱਗਦਾ ਹੈ ਕਿ ਪੁਲਿਸ ਵਾਲਿਆਂ ਨੇ ਕਤਲ ਕਰਕੇ ਲਾਸ਼ ਉੱਥੇ ਸੁੱਟ ਦਿੱਤੀ ਸੀ ਤਾਂ ਜੋ ਜੁਝਾਰੂਆਂ ਦਾ ਨਾਮ ਲਗਾਇਆ ਜਾ ਸਕੇ।
